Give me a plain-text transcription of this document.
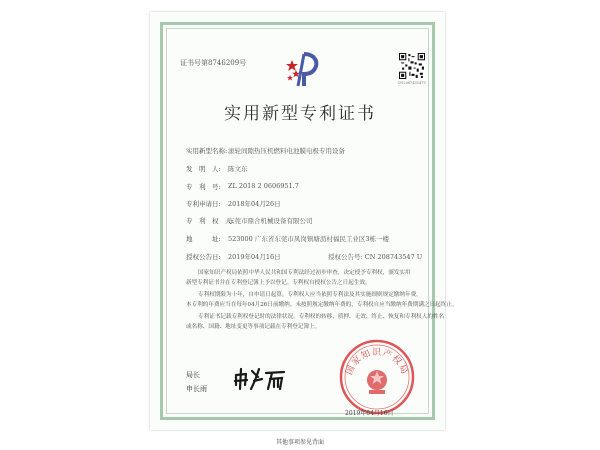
证书号第8746209号
CN208743547U
实用新型专利证书
实用新型名称: 滚轮间隙热压机燃料电池膜电极专用设备
发　明　人: 陈文东
专　利　号: ZL 2018 2 0606951.7
专利申请日: 2018年04月26日
专　利　权　人:
东莞市鼎合机械设备有限公司
地　　　址: 523000 广东省东莞市凤岗镇塘沥村福民工业区3栋一楼
授权公告日: 2019年04月16日	授权公告号: CN 208743547 U
国家知识产权局依照中华人民共和国专利法经过初步审查，决定授予专利权，颁发实用
新型专利证书并在专利登记簿上予以登记。专利权自授权公告之日起生效。
专利权期限为十年，自申请日起算。专利权人应当依照专利法及其实施细则规定缴纳年费。
本专利的年费应当在每年04月26日前缴纳。未按照规定缴纳年费的，专利权自应当缴纳年费期满之日起终止。
专利证书记载专利权登记时的法律状况。专利权的转移、质押、无效、终止、恢复和专利权人的姓名
或名称、国籍、地址变更等事项记载在专利登记簿上。
局长
申长雨
国家知识产权局
2019年04月16日
其他事项参见背面
